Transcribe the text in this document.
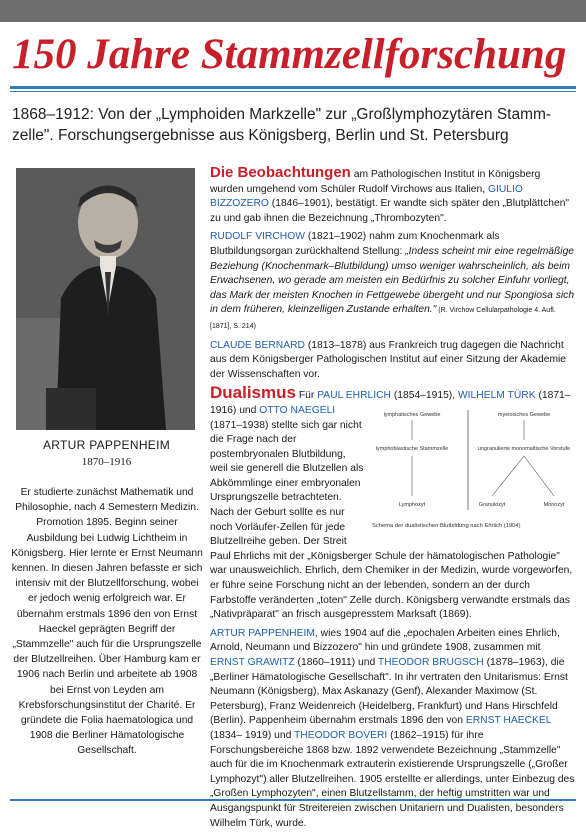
150 Jahre Stammzellforschung

1868–1912: Von der „Lymphoiden Markzelle" zur „Großlymphozytären Stamm-zelle". Forschungsergebnisse aus Königsberg, Berlin und St. Petersburg

ARTUR PAPPENHEIM
1870–1916

Er studierte zunächst Mathematik und Philosophie, nach 4 Semestern Medizin. Promotion 1895. Beginn seiner Ausbildung bei Ludwig Lichtheim in Königsberg. Hier lernte er Ernst Neumann kennen. In diesen Jahren befasste er sich intensiv mit der Blutzellforschung, wobei er jedoch wenig erfolgreich war. Er übernahm erstmals 1896 den von Ernst Haeckel geprägten Begriff der „Stammzelle" auch für die Ursprungszelle der Blutzellreihen. Über Hamburg kam er 1906 nach Berlin und arbeitete ab 1908 bei Ernst von Leyden am Krebsforschungsinstitut der Charité. Er gründete die Folia haematologica und 1908 die Berliner Hämatologische Gesellschaft.

Die Beobachtungen am Pathologischen Institut in Königsberg wurden umgehend vom Schüler Rudolf Virchows aus Italien, GIULIO BIZZOZERO (1846–1901), bestätigt. Er wandte sich später den „Blutplättchen" zu und gab ihnen die Bezeichnung „Thrombozyten".

RUDOLF VIRCHOW (1821–1902) nahm zum Knochenmark als Blutbildungsorgan zurückhaltend Stellung: „Indess scheint mir eine regelmäßige Beziehung (Knochenmark–Blutbildung) umso weniger wahrscheinlich, als beim Erwachsenen, wo gerade am meisten ein Bedürfnis zu solcher Einfuhr vorliegt, das Mark der meisten Knochen in Fettgewebe übergeht und nur Spongiosa sich in dem früheren, kleinzelligen Zustande erhalten." (R. Virchow Cellularpathologie 4. Aufl. [1871], S. 214)

CLAUDE BERNARD (1813–1878) aus Frankreich trug dagegen die Nachricht aus dem Königsberger Pathologischen Institut auf einer Sitzung der Akademie der Wissenschaften vor.

Dualismus Für PAUL EHRLICH (1854–1915), WILHELM TÜRK (1871–1916) und OTTO NAEGELI	lymphatisches Gewebe	myeloisches Gewebe
lymphoblastische Stammzelle	ungranulierte monomaltische Vorstufe
Lymphozyt	Granulozyt	Monozyt
Schema der dualistischen Blutbildung nach Ehrlich (1904)
(1871–1938) stellte sich gar nicht die Frage nach der postembryonalen Blutbildung, weil sie generell die Blutzellen als Abkömmlinge einer embryonalen Ursprungszelle betrachteten. Nach der Geburt sollte es nur noch Vorläufer-Zellen für jede Blutzellreihe geben. Der Streit Paul Ehrlichs mit der „Königsberger Schule der hämatologischen Pathologie" war unausweichlich. Ehrlich, dem Chemiker in der Medizin, wurde vorgeworfen, er führe seine Forschung nicht an der lebenden, sondern an der durch Farbstoffe veränderten „toten" Zelle durch. Königsberg verwandte erstmals das „Nativpräparat" an frisch ausgepresstem Marksaft (1869).

ARTUR PAPPENHEIM, wies 1904 auf die „epochalen Arbeiten eines Ehrlich, Arnold, Neumann und Bizzozero" hin und gründete 1908, zusammen mit ERNST GRAWITZ (1860–1911) und THEODOR BRUGSCH (1878–1963), die „Berliner Hämatologische Gesellschaft". In ihr vertraten den Unitarismus: Ernst Neumann (Königsberg), Max Askanazy (Genf), Alexander Maximow (St. Petersburg), Franz Weidenreich (Heidelberg, Frankfurt) und Hans Hirschfeld (Berlin). Pappenheim übernahm erstmals 1896 den von ERNST HAECKEL (1834– 1919) und THEODOR BOVERI (1862–1915) für ihre Forschungsbereiche 1868 bzw. 1892 verwendete Bezeichnung „Stammzelle" auch für die im Knochenmark extrauterin existierende Ursprungszelle („Großer Lymphozyt") aller Blutzellreihen. 1905 erstellte er allerdings, unter Einbezug des „Großen Lymphozyten", einen Blutzellstamm, der heftig umstritten war und Ausgangspunkt für Streitereien zwischen Unitariern und Dualisten, besonders Wilhelm Türk, wurde.
